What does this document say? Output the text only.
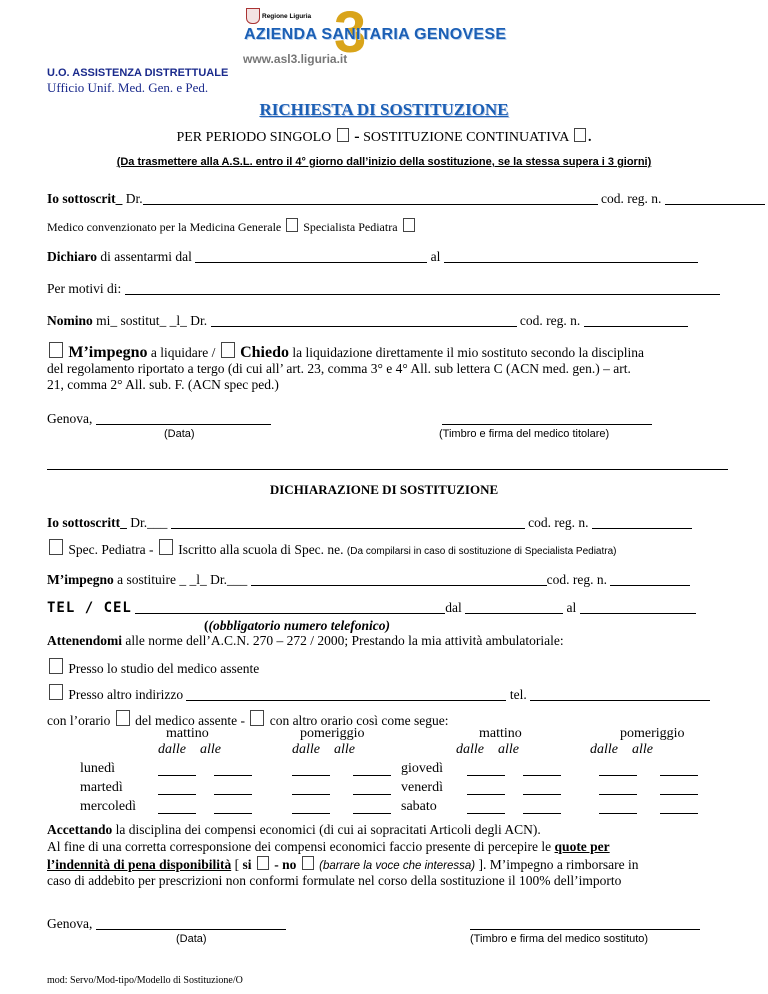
Regione Liguria 3
AZIENDA SANITARIA GENOVESE
www.asl3.liguria.it
U.O. ASSISTENZA DISTRETTUALE
Ufficio Unif. Med. Gen. e Ped.
RICHIESTA DI SOSTITUZIONE
PER PERIODO SINGOLO - SOSTITUZIONE CONTINUATIVA .
(Da trasmettere alla A.S.L. entro il 4° giorno dall’inizio della sostituzione, se la stessa supera i 3 giorni)
Io sottoscrit_ Dr.	cod. reg. n.
Medico convenzionato per la Medicina Generale Specialista Pediatra
Dichiaro di assentarmi dal	al
Per motivi di:
Nomino mi_ sostitut_ _l_ Dr.	cod. reg. n.
M’impegno a liquidare / Chiedo la liquidazione direttamente il mio sostituto secondo la disciplina
del regolamento riportato a tergo (di cui all’ art. 23, comma 3° e 4° All. sub lettera C (ACN med. gen.) – art.
21, comma 2° All. sub. F. (ACN spec ped.)
Genova,
(Data)	(Timbro e firma del medico titolare)
DICHIARAZIONE DI SOSTITUZIONE
Io sottoscritt_ Dr.___	cod. reg. n.
Spec. Pediatra - Iscritto alla scuola di Spec. ne. (Da compilarsi in caso di sostituzione di Specialista Pediatra)
M’impegno a sostituire _ _l_ Dr.___	cod. reg. n.
TEL / CEL	dal	al
((obbligatorio numero telefonico)
Attenendomi alle norme dell’A.C.N. 270 – 272 / 2000; Prestando la mia attività ambulatoriale:
Presso lo studio del medico assente
Presso altro indirizzo	tel.
con l’orario del medico assente - con altro orario così come segue:
mattino	pomeriggio	mattino	pomeriggio
dalle alle	dalle alle	dalle alle	dalle alle
lunedì	giovedì
martedì	venerdì
mercoledì	sabato
Accettando la disciplina dei compensi economici (di cui ai sopracitati Articoli degli ACN).
Al fine di una corretta corresponsione dei compensi economici faccio presente di percepire le quote per
l’indennità di pena disponibilità [ si - no (barrare la voce che interessa) ]. M’impegno a rimborsare in
caso di addebito per prescrizioni non conformi formulate nel corso della sostituzione il 100% dell’importo
Genova,
(Data)	(Timbro e firma del medico sostituto)
mod: Servo/Mod-tipo/Modello di Sostituzione/O
